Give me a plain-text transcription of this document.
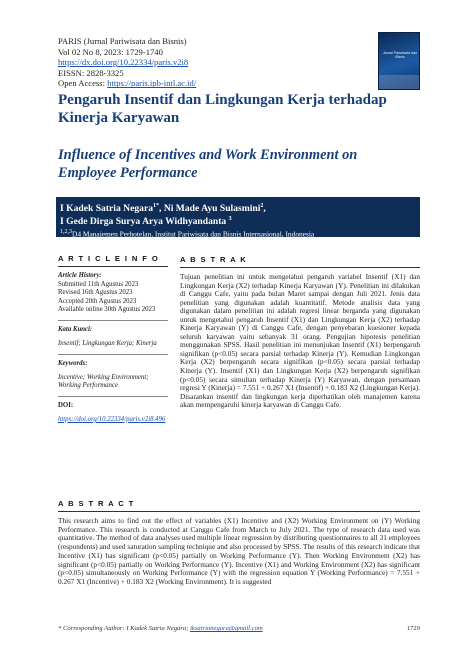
PARIS (Jurnal Pariwisata dan Bisnis)
Vol 02 No 8, 2023: 1729-1740
https://dx.doi.org/10.22334/paris.v2i8
EISSN: 2828-3325
Open Access: https://paris.ipb-intl.ac.id/
Jurnal Pariwisata dan Bisnis
Pengaruh Insentif dan Lingkungan Kerja terhadap Kinerja Karyawan
Influence of Incentives and Work Environment on Employee Performance
I Kadek Satria Negara$^{1*}$, Ni Made Ayu Sulasmini$^2$,
I Gede Dirga Surya Arya Widhyandanta $^3$
$^{1,2,3}$D4 Manajemen Perhotelan, Institut Pariwisata dan Bisnis Internasional, Indonesia
A R T I C L E I N F O
Article History:
Submitted 11th Agustus 2023
Revised 16th Agustus 2023
Accepted 20th Agustus 2023
Available online 30th Agustus 2023
Kata Kunci:
Insentif; Lingkungan Kerja; Kinerja
Keywords:
Incentive; Working Environment; Working Performance
DOI:
https://doi.org/10.22334/paris.v2i8.496
A B S T R A K
Tujuan penelitian ini untuk mengetahui pengaruh variabel Insentif (X1) dan Lingkungan Kerja (X2) terhadap Kinerja Karyawan (Y). Penelitian ini dilakukan di Canggu Cafe, yaitu pada bulan Maret sampai dengan Juli 2021. Jenis data penelitian yang digunakan adalah kuantitatif. Metode analisis data yang digunakan dalam penelitian ini adalah regresi linear berganda yang digunakan untuk mengetahui pengaruh Insentif (X1) dan Lingkungan Kerja (X2) terhadap Kinerja Karyawan (Y) di Canggu Cafe, dengan penyebaran kuesioner kepada seluruh karyawan yaitu sebanyak 31 orang. Pengujian hipotesis penelitian menggunakan SPSS. Hasil penelitian ini menunjukan Insentif (X1) berpengaruh signifikan (p<0.05) secara parsial terhadap Kinerja (Y). Kemudian Lingkungan Kerja (X2) berpengaruh secara signifikan (p<0.05) secara parsial terhadap Kinerja (Y). Insentif (X1) dan Lingkungan Kerja (X2) berpengaruh signifikan (p<0.05) secara simultan terhadap Kinerja (Y) Karyawan, dengan persamaan regresi Y (Kinerja) = 7.551 + 0.267 X1 (Insentif) + 0.183 X2 (Lingkungan Kerja). Disarankan insentif dan lingkungan kerja diperhatikan oleh manajemen karena akan mempengaruhi kinerja karyawan di Canggu Cafe.
A B S T R A C T
This research aims to find out the effect of variables (X1) Incentive and (X2) Working Environment on (Y) Working Performance. This research is conducted at Canggu Cafe from March to July 2021. The type of research data used was quantitative. The method of data analyses used multiple linear regression by distributing questionnaires to all 31 employees (respondents) and used saturation sampling technique and also processed by SPSS. The results of this research indicate that Incentive (X1) has significant (p<0.05) partially on Working Performance (Y). Then Working Environment (X2) has significant (p<0.05) partially on Working Performance (Y). Incentive (X1) and Working Environment (X2) has significant (p<0.05) simultaneously on Working Performance (Y) with the regression equation Y (Working Performance) = 7.551 + 0.267 X1 (Incentive) + 0.183 X2 (Working Environment). It is suggested
* Corresponding Author: I Kadek Satria Negara; iksatrianegara@gmail.com	1729
